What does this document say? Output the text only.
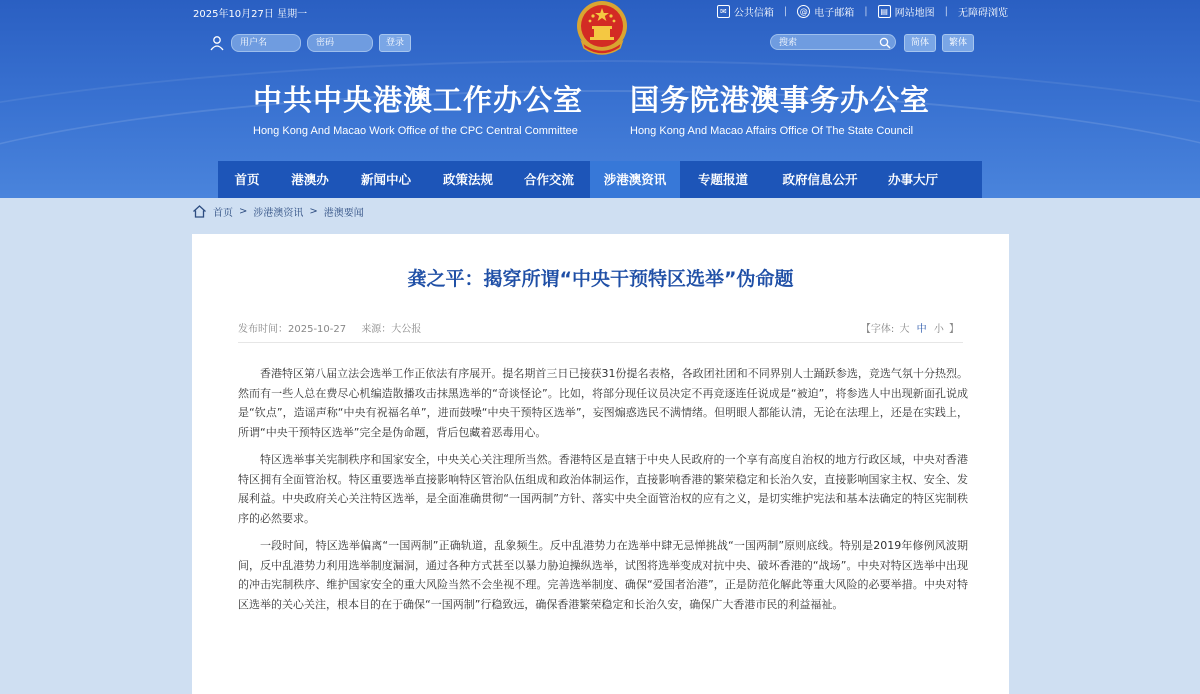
2025年10月27日 星期一	✉ 公共信箱 |	@ 电子邮箱 |	▤ 网站地图 | 无障碍浏览
用户名	密码	登录	搜索	简体	繁体
中共中央港澳工作办公室
Hong Kong And Macao Work Office of the CPC Central Committee
国务院港澳事务办公室
Hong Kong And Macao Affairs Office Of The State Council
首页	港澳办	新闻中心	政策法规	合作交流	涉港澳资讯	专题报道	政府信息公开	办事大厅
首页 > 涉港澳资讯 > 港澳要闻
龚之平：揭穿所谓“中央干预特区选举”伪命题
发布时间：2025-10-27 来源：大公报	【字体: 大 中 小 】

香港特区第八届立法会选举工作正依法有序展开。提名期首三日已接获31份提名表格，各政团社团和不同界别人士踊跃参选，竞选气氛十分热烈。然而有一些人总在费尽心机编造散播攻击抹黑选举的“奇谈怪论”。比如，将部分现任议员决定不再竞逐连任说成是“被迫”，将参选人中出现新面孔说成是“钦点”，造谣声称“中央有祝福名单”，进而鼓噪“中央干预特区选举”，妄图煽惑选民不满情绪。但明眼人都能认清，无论在法理上，还是在实践上，所谓“中央干预特区选举”完全是伪命题，背后包藏着恶毒用心。

特区选举事关宪制秩序和国家安全，中央关心关注理所当然。香港特区是直辖于中央人民政府的一个享有高度自治权的地方行政区域，中央对香港特区拥有全面管治权。特区重要选举直接影响特区管治队伍组成和政治体制运作，直接影响香港的繁荣稳定和长治久安，直接影响国家主权、安全、发展利益。中央政府关心关注特区选举，是全面准确贯彻“一国两制”方针、落实中央全面管治权的应有之义，是切实维护宪法和基本法确定的特区宪制秩序的必然要求。

一段时间，特区选举偏离“一国两制”正确轨道，乱象频生。反中乱港势力在选举中肆无忌惮挑战“一国两制”原则底线。特别是2019年修例风波期间，反中乱港势力利用选举制度漏洞，通过各种方式甚至以暴力胁迫操纵选举，试图将选举变成对抗中央、破坏香港的“战场”。中央对特区选举中出现的冲击宪制秩序、维护国家安全的重大风险当然不会坐视不理。完善选举制度、确保“爱国者治港”，正是防范化解此等重大风险的必要举措。中央对特区选举的关心关注，根本目的在于确保“一国两制”行稳致远，确保香港繁荣稳定和长治久安，确保广大香港市民的利益福祉。
